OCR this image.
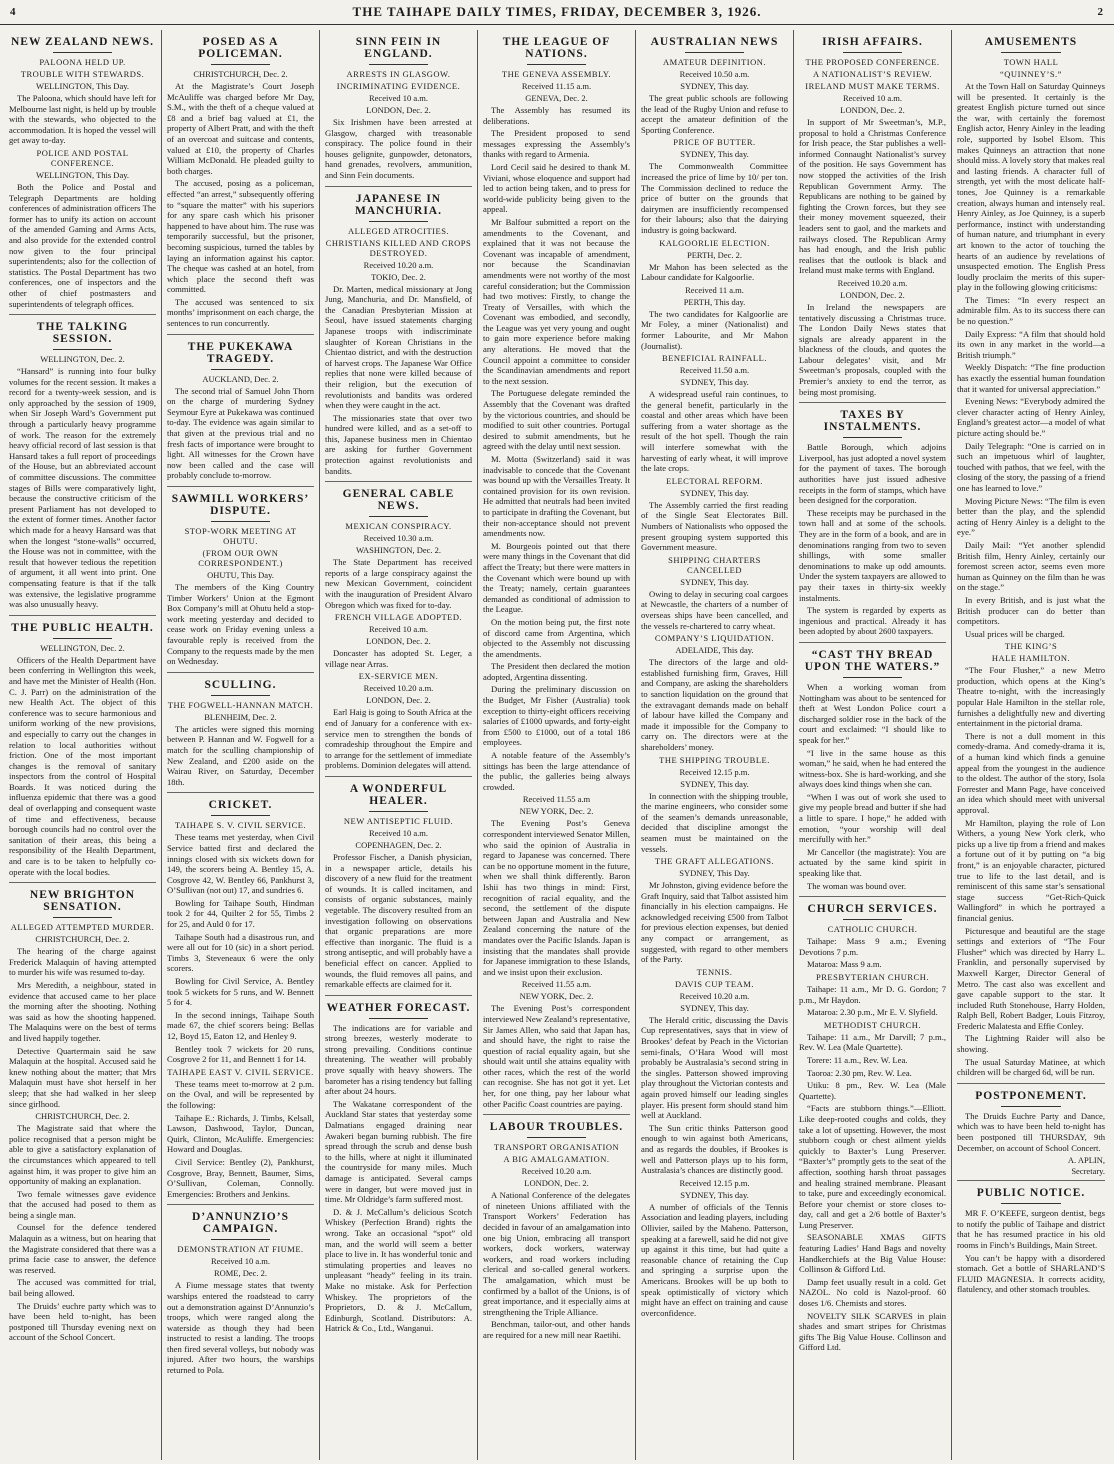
4	THE TAIHAPE DAILY TIMES, FRIDAY, DECEMBER 3, 1926.	2
NEW ZEALAND NEWS.
PALOONA HELD UP.
TROUBLE WITH STEWARDS.
WELLINGTON, This Day.

The Paloona, which should have left for Melbourne last night, is held up by trouble with the stewards, who objected to the accommodation. It is hoped the vessel will get away to-day.

POLICE AND POSTAL CONFERENCE.
WELLINGTON, This Day.

Both the Police and Postal and Telegraph Departments are holding conferences of administration officers The former has to unify its action on account of the amended Gaming and Arms Acts, and also provide for the extended control now given to the four principal superintendents; also for the collection of statistics. The Postal Department has two conferences, one of inspectors and the other of chief postmasters and superintendents of telegraph offices.

THE TALKING SESSION.
WELLINGTON, Dec. 2.

“Hansard” is running into four bulky volumes for the recent session. It makes a record for a twenty-week session, and is only approached by the session of 1909, when Sir Joseph Ward’s Government put through a particularly heavy programme of work. The reason for the extremely heavy official record of last session is that Hansard takes a full report of proceedings of the House, but an abbreviated account of committee discussions. The committee stages of Bills were comparatively light, because the constructive criticism of the present Parliament has not developed to the extent of former times. Another factor which made for a heavy Hansard was that when the longest “stone-walls” occurred, the House was not in committee, with the result that however tedious the repetition of argument, it all went into print. One compensating feature is that if the talk was extensive, the legislative programme was also unusually heavy.

THE PUBLIC HEALTH.
WELLINGTON, Dec. 2.

Officers of the Health Department have been conferring in Wellington this week, and have met the Minister of Health (Hon. C. J. Parr) on the administration of the new Health Act. The object of this conference was to secure harmonious and uniform working of the new provisions, and especially to carry out the changes in relation to local authorities without friction. One of the most important changes is the removal of sanitary inspectors from the control of Hospital Boards. It was noticed during the influenza epidemic that there was a good deal of overlapping and consequent waste of time and effectiveness, because borough councils had no control over the sanitation of their areas, this being a responsibility of the Health Department, and care is to be taken to helpfully co-operate with the local bodies.

NEW BRIGHTON SENSATION.
ALLEGED ATTEMPTED MURDER.
CHRISTCHURCH, Dec. 2.

The hearing of the charge against Frederick Malaquin of having attempted to murder his wife was resumed to-day.

Mrs Meredith, a neighbour, stated in evidence that accused came to her place the morning after the shooting. Nothing was said as how the shooting happened. The Malaquins were on the best of terms and lived happily together.

Detective Quartermain said he saw Malaquin at the hospital. Accused said he knew nothing about the matter; that Mrs Malaquin must have shot herself in her sleep; that she had walked in her sleep since girlhood.

CHRISTCHURCH, Dec. 2.

The Magistrate said that where the police recognised that a person might be able to give a satisfactory explanation of the circumstances which appeared to tell against him, it was proper to give him an opportunity of making an explanation.

Two female witnesses gave evidence that the accused had posed to them as being a single man.

Counsel for the defence tendered Malaquin as a witness, but on hearing that the Magistrate considered that there was a prima facie case to answer, the defence was reserved.

The accused was committed for trial, bail being allowed.

The Druids’ euchre party which was to have been held to-night, has been postponed till Thursday evening next on account of the School Concert.

POSED AS A POLICEMAN.
CHRISTCHURCH, Dec. 2.

At the Magistrate’s Court Joseph McAuliffe was charged before Mr Day, S.M., with the theft of a cheque valued at £8 and a brief bag valued at £1, the property of Albert Pratt, and with the theft of an overcoat and suitcase and contents, valued at £10, the property of Charles William McDonald. He pleaded guilty to both charges.

The accused, posing as a policeman, effected “an arrest,” subsequently offering to “square the matter” with his superiors for any spare cash which his prisoner happened to have about him. The ruse was temporarily successful, but the prisoner, becoming suspicious, turned the tables by laying an information against his captor. The cheque was cashed at an hotel, from which place the second theft was committed.

The accused was sentenced to six months’ imprisonment on each charge, the sentences to run concurrently.

THE PUKEKAWA TRAGEDY.
AUCKLAND, Dec. 2.

The second trial of Samuel John Thorn on the charge of murdering Sydney Seymour Eyre at Pukekawa was continued to-day. The evidence was again similar to that given at the previous trial and no fresh facts of importance were brought to light. All witnesses for the Crown have now been called and the case will probably conclude to-morrow.

SAWMILL WORKERS’ DISPUTE.
STOP-WORK MEETING AT OHUTU.
(FROM OUR OWN CORRESPONDENT.)
OHUTU, This Day.

The members of the King Country Timber Workers’ Union at the Egmont Box Company’s mill at Ohutu held a stop-work meeting yesterday and decided to cease work on Friday evening unless a favourable reply is received from the Company to the requests made by the men on Wednesday.

SCULLING.
THE FOGWELL-HANNAN MATCH.
BLENHEIM, Dec. 2.

The articles were signed this morning between P. Hannan and W. Fogwell for a match for the sculling championship of New Zealand, and £200 aside on the Wairau River, on Saturday, December 18th.

CRICKET.
TAIHAPE S. V. CIVIL SERVICE.

These teams met yesterday, when Civil Service batted first and declared the innings closed with six wickets down for 149, the scorers being A. Bentley 15, A. Cosgrove 42, W. Bentley 66, Pankhurst 3, O’Sullivan (not out) 17, and sundries 6.

Bowling for Taihape South, Hindman took 2 for 44, Quilter 2 for 55, Timbs 2 for 25, and Auld 0 for 17.

Taihape South had a disastrous run, and were all out for 10 (sic) in a short period. Timbs 3, Steveneaux 6 were the only scorers.

Bowling for Civil Service, A. Bentley took 5 wickets for 5 runs, and W. Bennett 5 for 4.

In the second innings, Taihape South made 67, the chief scorers being: Bellas 12, Boyd 15, Eaton 12, and Henley 9.

Bentley took 7 wickets for 20 runs, Cosgrove 2 for 11, and Bennett 1 for 14.

TAIHAPE EAST V. CIVIL SERVICE.

These teams meet to-morrow at 2 p.m. on the Oval, and will be represented by the following:

Taihape E.: Richards, J. Timbs, Kelsall, Lawson, Dashwood, Taylor, Duncan, Quirk, Clinton, McAuliffe. Emergencies: Howard and Douglas.

Civil Service: Bentley (2), Pankhurst, Cosgrove, Bray, Bennett, Baumer, Sims, O’Sullivan, Coleman, Connolly. Emergencies: Brothers and Jenkins.

D’ANNUNZIO’S CAMPAIGN.
DEMONSTRATION AT FIUME.
Received 10 a.m.
ROME, Dec. 2.

A Fiume message states that twenty warships entered the roadstead to carry out a demonstration against D’Annunzio’s troops, which were ranged along the waterside as though they had been instructed to resist a landing. The troops then fired several volleys, but nobody was injured. After two hours, the warships returned to Pola.

SINN FEIN IN ENGLAND.
ARRESTS IN GLASGOW.
INCRIMINATING EVIDENCE.
Received 10 a.m.
LONDON, Dec. 2.

Six Irishmen have been arrested at Glasgow, charged with treasonable conspiracy. The police found in their houses gelignite, gunpowder, detonators, hand grenades, revolvers, ammunition, and Sinn Fein documents.

JAPANESE IN MANCHURIA.
ALLEGED ATROCITIES.
CHRISTIANS KILLED AND CROPS DESTROYED.
Received 10.20 a.m.
TOKIO, Dec. 2.

Dr. Marten, medical missionary at Jong Jung, Manchuria, and Dr. Mansfield, of the Canadian Presbyterian Mission at Seoul, have issued statements charging Japanese troops with indiscriminate slaughter of Korean Christians in the Chientao district, and with the destruction of harvest crops. The Japanese War Office replies that none were killed because of their religion, but the execution of revolutionists and bandits was ordered when they were caught in the act.

The missionaries state that over two hundred were killed, and as a set-off to this, Japanese business men in Chientao are asking for further Government protection against revolutionists and bandits.

GENERAL CABLE NEWS.
MEXICAN CONSPIRACY.
Received 10.30 a.m.
WASHINGTON, Dec. 2.

The State Department has received reports of a large conspiracy against the new Mexican Government, coincident with the inauguration of President Alvaro Obregon which was fixed for to-day.

FRENCH VILLAGE ADOPTED.
Received 10 a.m.
LONDON, Dec. 2.

Doncaster has adopted St. Leger, a village near Arras.

EX-SERVICE MEN.
Received 10.20 a.m.
LONDON, Dec. 2.

Earl Haig is going to South Africa at the end of January for a conference with ex-service men to strengthen the bonds of comradeship throughout the Empire and to arrange for the settlement of immediate problems. Dominion delegates will attend.

A WONDERFUL HEALER.
NEW ANTISEPTIC FLUID.
Received 10 a.m.
COPENHAGEN, Dec. 2.

Professor Fischer, a Danish physician, in a newspaper article, details his discovery of a new fluid for the treatment of wounds. It is called incitamen, and consists of organic substances, mainly vegetable. The discovery resulted from an investigation following on observations that organic preparations are more effective than inorganic. The fluid is a strong antiseptic, and will probably have a beneficial effect on cancer. Applied to wounds, the fluid removes all pains, and remarkable effects are claimed for it.

WEATHER FORECAST.

The indications are for variable and strong breezes, westerly moderate to strong prevailing. Conditions continue threatening. The weather will probably prove squally with heavy showers. The barometer has a rising tendency but falling after about 24 hours.

The Wakatane correspondent of the Auckland Star states that yesterday some Dalmatians engaged draining near Awakeri began burning rubbish. The fire spread through the scrub and dense bush to the hills, where at night it illuminated the countryside for many miles. Much damage is anticipated. Several camps were in danger, but were moved just in time. Mr Oldridge’s farm suffered most.

D. & J. McCallum’s delicious Scotch Whiskey (Perfection Brand) rights the wrong. Take an occasional “spot” old man, and the world will seem a better place to live in. It has wonderful tonic and stimulating properties and leaves no unpleasant “heady” feeling in its train. Make no mistake. Ask for Perfection Whiskey. The proprietors of the Proprietors, D. & J. McCallum, Edinburgh, Scotland. Distributors: A. Hatrick & Co., Ltd., Wanganui.

THE LEAGUE OF NATIONS.
THE GENEVA ASSEMBLY.
Received 11.15 a.m.
GENEVA, Dec. 2.

The Assembly has resumed its deliberations.

The President proposed to send messages expressing the Assembly’s thanks with regard to Armenia.

Lord Cecil said he desired to thank M. Viviani, whose eloquence and support had led to action being taken, and to press for world-wide publicity being given to the appeal.

Mr Balfour submitted a report on the amendments to the Covenant, and explained that it was not because the Covenant was incapable of amendment, nor because the Scandinavian amendments were not worthy of the most careful consideration; but the Commission had two motives: Firstly, to change the Treaty of Versailles, with which the Covenant was embodied, and secondly, the League was yet very young and ought to gain more experience before making any alterations. He moved that the Council appoint a committee to consider the Scandinavian amendments and report to the next session.

The Portuguese delegate reminded the Assembly that the Covenant was drafted by the victorious countries, and should be modified to suit other countries. Portugal desired to submit amendments, but he agreed with the delay until next session.

M. Motta (Switzerland) said it was inadvisable to concede that the Covenant was bound up with the Versailles Treaty. It contained provision for its own revision. He admitted that neutrals had been invited to participate in drafting the Covenant, but their non-acceptance should not prevent amendments now.

M. Bourgeois pointed out that there were many things in the Covenant that did affect the Treaty; but there were matters in the Covenant which were bound up with the Treaty; namely, certain guarantees demanded as conditional of admission to the League.

On the motion being put, the first note of discord came from Argentina, which objected to the Assembly not discussing the amendments.

The President then declared the motion adopted, Argentina dissenting.

During the preliminary discussion on the Budget, Mr Fisher (Australia) took exception to thirty-eight officers receiving salaries of £1000 upwards, and forty-eight from £500 to £1000, out of a total 186 employees.

A notable feature of the Assembly’s sittings has been the large attendance of the public, the galleries being always crowded.

Received 11.55 a.m
NEW YORK, Dec. 2.

The Evening Post’s Geneva correspondent interviewed Senator Millen, who said the opinion of Australia in regard to Japanese was concerned. There can be no opportune moment in the future, when we shall think differently. Baron Ishii has two things in mind: First, recognition of racial equality, and the second, the settlement of the dispute between Japan and Australia and New Zealand concerning the nature of the mandates over the Pacific Islands. Japan is insisting that the mandates shall provide for Japanese immigration to these Islands, and we insist upon their exclusion.

Received 11.55 a.m.
NEW YORK, Dec. 2.

The Evening Post’s correspondent interviewed New Zealand’s representative, Sir James Allen, who said that Japan has, and should have, the right to raise the question of racial equality again, but she should wait until she attains equality with other races, which the rest of the world can recognise. She has not got it yet. Let her, for one thing, pay her labour what other Pacific Coast countries are paying.

LABOUR TROUBLES.
TRANSPORT ORGANISATION
A BIG AMALGAMATION.
Received 10.20 a.m.
LONDON, Dec. 2.

A National Conference of the delegates of nineteen Unions affiliated with the Transport Workers’ Federation has decided in favour of an amalgamation into one big Union, embracing all transport workers, dock workers, waterway workers, and road workers including clerical and so-called general workers. The amalgamation, which must be confirmed by a ballot of the Unions, is of great importance, and it especially aims at strengthening the Triple Alliance.

Benchman, tailor-out, and other hands are required for a new mill near Raetihi.

AUSTRALIAN NEWS
AMATEUR DEFINITION.
Received 10.50 a.m.
SYDNEY, This day.

The great public schools are following the lead of the Rugby Union and refuse to accept the amateur definition of the Sporting Conference.

PRICE OF BUTTER.
SYDNEY, This day.

The Commonwealth Committee increased the price of lime by 10/ per ton. The Commission declined to reduce the price of butter on the grounds that dairymen are insufficiently recompensed for their labours; also that the dairying industry is going backward.

KALGOORLIE ELECTION.
PERTH, Dec. 2.

Mr Mahon has been selected as the Labour candidate for Kalgoorlie.

Received 11 a.m.
PERTH, This day.

The two candidates for Kalgoorlie are Mr Foley, a miner (Nationalist) and former Labourite, and Mr Mahon (Journalist).

BENEFICIAL RAINFALL.
Received 11.50 a.m.
SYDNEY, This day.

A widespread useful rain continues, to the general benefit, particularly in the coastal and other areas which have been suffering from a water shortage as the result of the hot spell. Though the rain will interfere somewhat with the harvesting of early wheat, it will improve the late crops.

ELECTORAL REFORM.
SYDNEY, This day.

The Assembly carried the first reading of the Single Seat Electorates Bill. Numbers of Nationalists who opposed the present grouping system supported this Government measure.

SHIPPING CHARTERS CANCELLED
SYDNEY, This day.

Owing to delay in securing coal cargoes at Newcastle, the charters of a number of overseas ships have been cancelled, and the vessels re-chartered to carry wheat.

COMPANY’S LIQUIDATION.
ADELAIDE, This day.

The directors of the large and old-established furnishing firm, Graves, Hill and Company, are asking the shareholders to sanction liquidation on the ground that the extravagant demands made on behalf of labour have killed the Company and made it impossible for the Company to carry on. The directors were at the shareholders’ money.

THE SHIPPING TROUBLE.
Received 12.15 p.m.
SYDNEY, This day.

In connection with the shipping trouble, the marine engineers, who consider some of the seamen’s demands unreasonable, decided that discipline amongst the seamen must be maintained on the vessels.

THE GRAFT ALLEGATIONS.
SYDNEY, This Day.

Mr Johnston, giving evidence before the Graft Inquiry, said that Talbot assisted him financially in his election campaigns. He acknowledged receiving £500 from Talbot for previous election expenses, but denied any compact or arrangement, as suggested, with regard to other members of the Party.

TENNIS.
DAVIS CUP TEAM.
Received 10.20 a.m.
SYDNEY, This day.

The Herald critic, discussing the Davis Cup representatives, says that in view of Brookes’ defeat by Peach in the Victorian semi-finals, O’Hara Wood will most probably be Australasia’s second string in the singles. Patterson showed improving play throughout the Victorian contests and again proved himself our leading singles player. His present form should stand him well at Auckland.

The Sun critic thinks Patterson good enough to win against both Americans, and as regards the doubles, if Brookes is well and Patterson plays up to his form, Australasia’s chances are distinctly good.

Received 12.15 p.m.
SYDNEY, This day.

A number of officials of the Tennis Association and leading players, including Ollivier, sailed by the Maheno. Patterson, speaking at a farewell, said he did not give up against it this time, but had quite a reasonable chance of retaining the Cup and springing a surprise upon the Americans. Brookes will be up both to speak optimistically of victory which might have an effect on training and cause overconfidence.

IRISH AFFAIRS.
THE PROPOSED CONFERENCE.
A NATIONALIST’S REVIEW.
IRELAND MUST MAKE TERMS.
Received 10 a.m.
LONDON, Dec. 2.

In support of Mr Sweetman’s, M.P., proposal to hold a Christmas Conference for Irish peace, the Star publishes a well-informed Connaught Nationalist’s survey of the position. He says Government has now stopped the activities of the Irish Republican Government Army. The Republicans are nothing to be gained by fighting the Crown forces, but they see their money movement squeezed, their leaders sent to gaol, and the markets and railways closed. The Republican Army has had enough, and the Irish public realises that the outlook is black and Ireland must make terms with England.

Received 10.20 a.m.
LONDON, Dec. 2.

In Ireland the newspapers are tentatively discussing a Christmas truce. The London Daily News states that signals are already apparent in the blackness of the clouds, and quotes the Labour delegates’ visit, and Mr Sweetman’s proposals, coupled with the Premier’s anxiety to end the terror, as being most promising.

TAXES BY INSTALMENTS.

Battle Borough, which adjoins Liverpool, has just adopted a novel system for the payment of taxes. The borough authorities have just issued adhesive receipts in the form of stamps, which have been designed for the corporation.

These receipts may be purchased in the town hall and at some of the schools. They are in the form of a book, and are in denominations ranging from two to seven shillings, with some smaller denominations to make up odd amounts. Under the system taxpayers are allowed to pay their taxes in thirty-six weekly instalments.

The system is regarded by experts as ingenious and practical. Already it has been adopted by about 2600 taxpayers.

“CAST THY BREAD UPON THE WATERS.”

When a working woman from Nottingham was about to be sentenced for theft at West London Police court a discharged soldier rose in the back of the court and exclaimed: “I should like to speak for her.”

“I live in the same house as this woman,” he said, when he had entered the witness-box. She is hard-working, and she always does kind things when she can.

“When I was out of work she used to give my people bread and butter if she had a little to spare. I hope,” he added with emotion, “your worship will deal mercifully with her.”

Mr Cancellor (the magistrate): You are actuated by the same kind spirit in speaking like that.

The woman was bound over.

CHURCH SERVICES.
CATHOLIC CHURCH.

Taihape: Mass 9 a.m.; Evening Devotions 7 p.m.

Mataroa: Mass 9 a.m.

PRESBYTERIAN CHURCH.

Taihape: 11 a.m., Mr D. G. Gordon; 7 p.m., Mr Haydon.

Mataroa: 2.30 p.m., Mr E. V. Slyfield.

METHODIST CHURCH.

Taihape: 11 a.m., Mr Darvill; 7 p.m., Rev. W. Lea (Male Quartette).

Torere: 11 a.m., Rev. W. Lea.

Taoroa: 2.30 pm, Rev. W. Lea.

Utiku: 8 pm., Rev. W. Lea (Male Quartette).

“Facts are stubborn things.”—Elliott. Like deep-rooted coughs and colds, they take a lot of upsetting. However, the most stubborn cough or chest ailment yields quickly to Baxter’s Lung Preserver. “Baxter’s” promptly gets to the seat of the affection, soothing harsh throat passages and healing strained membrane. Pleasant to take, pure and exceedingly economical. Before your chemist or store closes to-day, call and get a 2/6 bottle of Baxter’s Lung Preserver.

SEASONABLE XMAS GIFTS featuring Ladies’ Hand Bags and novelty Handkerchiefs at the Big Value House: Collinson & Gifford Ltd.

Damp feet usually result in a cold. Get NAZOL. No cold is Nazol-proof. 60 doses 1/6. Chemists and stores.

NOVELTY SILK SCARVES in plain shades and smart stripes for Christmas gifts The Big Value House. Collinson and Gifford Ltd.

AMUSEMENTS
TOWN HALL
“QUINNEY’S.”

At the Town Hall on Saturday Quinneys will be presented. It certainly is the greatest English picture turned out since the war, with certainly the foremost English actor, Henry Ainley in the leading role, supported by Isobel Elsom. This makes Quinneys an attraction that none should miss. A lovely story that makes real and lasting friends. A character full of strength, yet with the most delicate half-tones, Joe Quinney is a remarkable creation, always human and intensely real. Henry Ainley, as Joe Quinney, is a superb performance, instinct with understanding of human nature, and triumphant in every art known to the actor of touching the hearts of an audience by revelations of unsuspected emotion. The English Press loudly proclaim the merits of this super-play in the following glowing criticisms:

The Times: “In every respect an admirable film. As to its success there can be no question.”

Daily Express: “A film that should hold its own in any market in the world—a British triumph.”

Weekly Dispatch: “The fine production has exactly the essential human foundation that it wanted for universal appreciation.”

Evening News: “Everybody admired the clever character acting of Henry Ainley, England’s greatest actor—a model of what picture acting should be.”

Daily Telegraph: “One is carried on in such an impetuous whirl of laughter, touched with pathos, that we feel, with the closing of the story, the passing of a friend one has learned to love.”

Moving Picture News: “The film is even better than the play, and the splendid acting of Henry Ainley is a delight to the eye.”

Daily Mail: “Yet another splendid British film, Henry Ainley, certainly our foremost screen actor, seems even more human as Quinney on the film than he was on the stage.”

In every British, and is just what the British producer can do better than competitors.

Usual prices will be charged.

THE KING’S
HALE HAMILTON.

“The Four Flusher,” a new Metro production, which opens at the King’s Theatre to-night, with the increasingly popular Hale Hamilton in the stellar role, furnishes a delightfully new and diverting entertainment in the pictorial drama.

There is not a dull moment in this comedy-drama. And comedy-drama it is, of a human kind which finds a genuine appeal from the youngest in the audience to the oldest. The author of the story, Isola Forrester and Mann Page, have conceived an idea which should meet with universal approval.

Mr Hamilton, playing the role of Lon Withers, a young New York clerk, who picks up a live tip from a friend and makes a fortune out of it by putting on “a big front,” is an enjoyable character, pictured true to life to the last detail, and is reminiscent of this same star’s sensational stage success “Get-Rich-Quick Wallingford” in which he portrayed a financial genius.

Picturesque and beautiful are the stage settings and exteriors of “The Four Flusher” which was directed by Harry L. Franklin, and personally supervised by Maxwell Karger, Director General of Metro. The cast also was excellent and gave capable support to the star. It included Ruth Stonehouse, Harry Holden, Ralph Bell, Robert Badger, Louis Fitzroy, Frederic Malatesta and Effie Conley.

The Lightning Raider will also be showing.

The usual Saturday Matinee, at which children will be charged 6d, will be run.

POSTPONEMENT.

The Druids Euchre Party and Dance, which was to have been held to-night has been postponed till THURSDAY, 9th December, on account of School Concert.

A. APLIN,
Secretary.
PUBLIC NOTICE.

MR F. O’KEEFE, surgeon dentist, begs to notify the public of Taihape and district that he has resumed practice in his old rooms in Finch’s Buildings, Main Street.

You can’t be happy with a disordered stomach. Get a bottle of SHARLAND’S FLUID MAGNESIA. It corrects acidity, flatulency, and other stomach troubles.
